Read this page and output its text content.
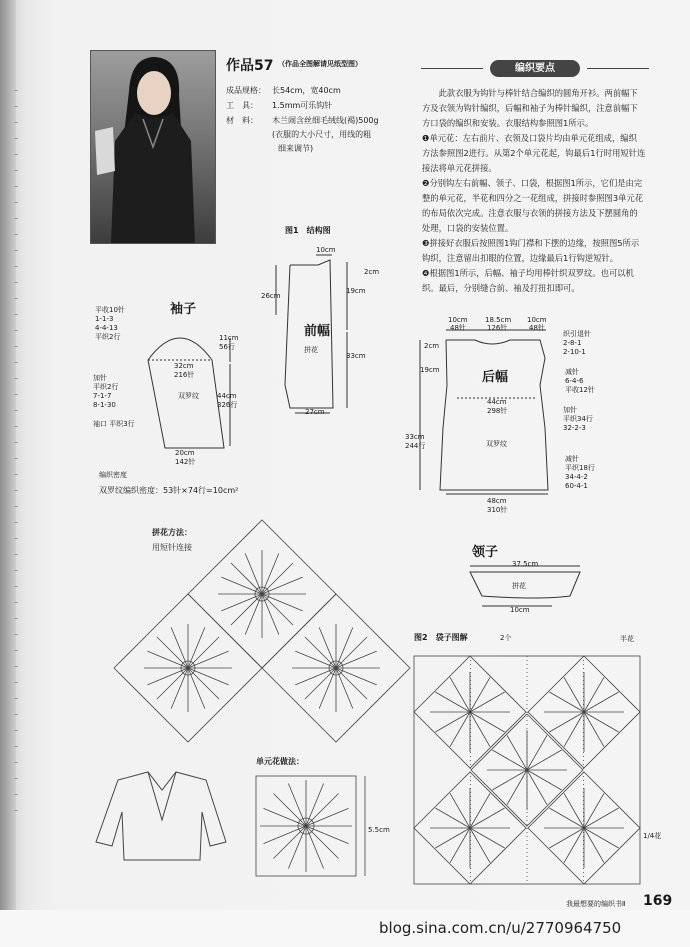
作品57 （作品全图解请见纸型图）
成品规格： 长54cm，宽40cm
工　具： 1.5mm可乐钩针
材　料： 木兰闹含丝细毛绒线(褐)500g
(衣服的大小尺寸，用线的粗
细来调节)
编织要点
　　此款衣服为钩针与棒针结合编织的圆角开衫。两前幅下
方及衣领为钩针编织，后幅和袖子为棒针编织，注意前幅下
方口袋的编织和安装。衣服结构参照图1所示。
❶单元花：左右前片、衣领及口袋片均由单元花组成，编织
方法参照图2进行。从第2个单元花起，钩最后1行时用短针连
接法将单元花拼接。
❷分别钩左右前幅、领子、口袋，根据图1所示，它们是由完
整的单元花，半花和四分之一花组成，拼接时参照图3单元花
的布局依次完成。注意衣服与衣领的拼接方法及下摆圆角的
处理，口袋的安装位置。
❸拼接好衣服后按照图1钩门襟和下摆的边缘，按照图5所示
钩织，注意留出扣眼的位置，边缘最后1行钩逆短针。
❹根据图1所示，后幅、袖子均用棒针织双罗纹。也可以机
织。最后，分别缝合前、袖及打扭扣即可。
图1　结构图
袖子
平收10针
1-1-3
4-4-13
平织2行	11cm
56行
32cm
216针
加针
平织2行
7-1-7
8-1-30
双罗纹	44cm
326行
袖口 平织3行
20cm
142针
10cm
26cm
2cm
19cm
前幅
拼花
33cm
27cm
10cm
48针
18.5cm
126针
10cm
48针
织引退针
2-8-1
2-10-1
2cm
19cm	后幅	减针
6-4-6
平收12针
44cm
298针	加针
平织34行
32-2-3
33cm
244行	双罗纹
减针
平织18行
34-4-2
60-4-1
48cm
310针
领子
37.5cm
拼花
10cm
编织密度
双罗纹编织密度：53针×74行=10cm²
拼花方法：
用短针连接
单元花做法：
5.5cm
图2　袋子图解	2个	半花
1/4花
我最想要的编织书Ⅱ 169
blog.sina.com.cn/u/2770964750
